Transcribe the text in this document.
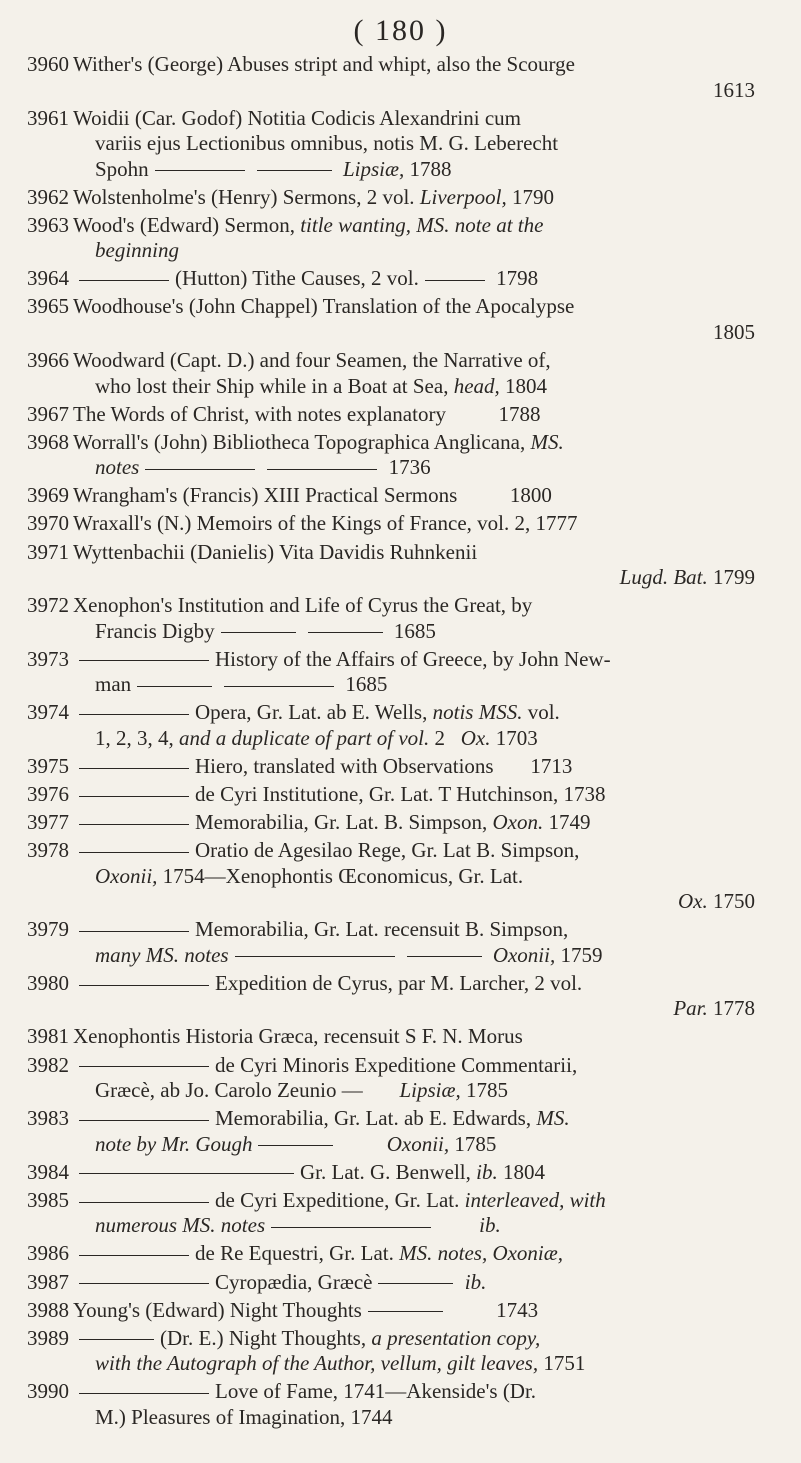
( 180 )
3960 Wither's (George) Abuses stript and whipt, also the Scourge
1613
3961 Woidii (Car. Godof) Notitia Codicis Alexandrini cum
variis ejus Lectionibus omnibus, notis M. G. Leberecht
Spohn	Lipsiæ, 1788
3962 Wolstenholme's (Henry) Sermons, 2 vol. Liverpool, 1790
3963 Wood's (Edward) Sermon, title wanting, MS. note at the
beginning
3964	(Hutton) Tithe Causes, 2 vol.	1798
3965 Woodhouse's (John Chappel) Translation of the Apocalypse
1805
3966 Woodward (Capt. D.) and four Seamen, the Narrative of,
who lost their Ship while in a Boat at Sea, head, 1804
3967 The Words of Christ, with notes explanatory	1788
3968 Worrall's (John) Bibliotheca Topographica Anglicana, MS.
notes	1736
3969 Wrangham's (Francis) XIII Practical Sermons	1800
3970 Wraxall's (N.) Memoirs of the Kings of France, vol. 2, 1777
3971 Wyttenbachii (Danielis) Vita Davidis Ruhnkenii
Lugd. Bat. 1799
3972 Xenophon's Institution and Life of Cyrus the Great, by
Francis Digby	1685
3973	History of the Affairs of Greece, by John New-
man	1685
3974	Opera, Gr. Lat. ab E. Wells, notis MSS. vol.
1, 2, 3, 4, and a duplicate of part of vol. 2 Ox. 1703
3975	Hiero, translated with Observations 1713
3976	de Cyri Institutione, Gr. Lat. T Hutchinson, 1738
3977	Memorabilia, Gr. Lat. B. Simpson, Oxon. 1749
3978	Oratio de Agesilao Rege, Gr. Lat B. Simpson,
Oxonii, 1754—Xenophontis Œconomicus, Gr. Lat.
Ox. 1750
3979	Memorabilia, Gr. Lat. recensuit B. Simpson,
many MS. notes	Oxonii, 1759
3980	Expedition de Cyrus, par M. Larcher, 2 vol.
Par. 1778
3981 Xenophontis Historia Græca, recensuit S F. N. Morus
3982	de Cyri Minoris Expeditione Commentarii,
Græcè, ab Jo. Carolo Zeunio — Lipsiæ, 1785
3983	Memorabilia, Gr. Lat. ab E. Edwards, MS.
note by Mr. Gough	Oxonii, 1785
3984	Gr. Lat. G. Benwell, ib. 1804
3985	de Cyri Expeditione, Gr. Lat. interleaved, with
numerous MS. notes	ib.
3986	de Re Equestri, Gr. Lat. MS. notes, Oxoniæ,
3987	Cyropædia, Græcè	ib.
3988 Young's (Edward) Night Thoughts	1743
3989	(Dr. E.) Night Thoughts, a presentation copy,
with the Autograph of the Author, vellum, gilt leaves, 1751
3990	Love of Fame, 1741—Akenside's (Dr.
M.) Pleasures of Imagination, 1744
